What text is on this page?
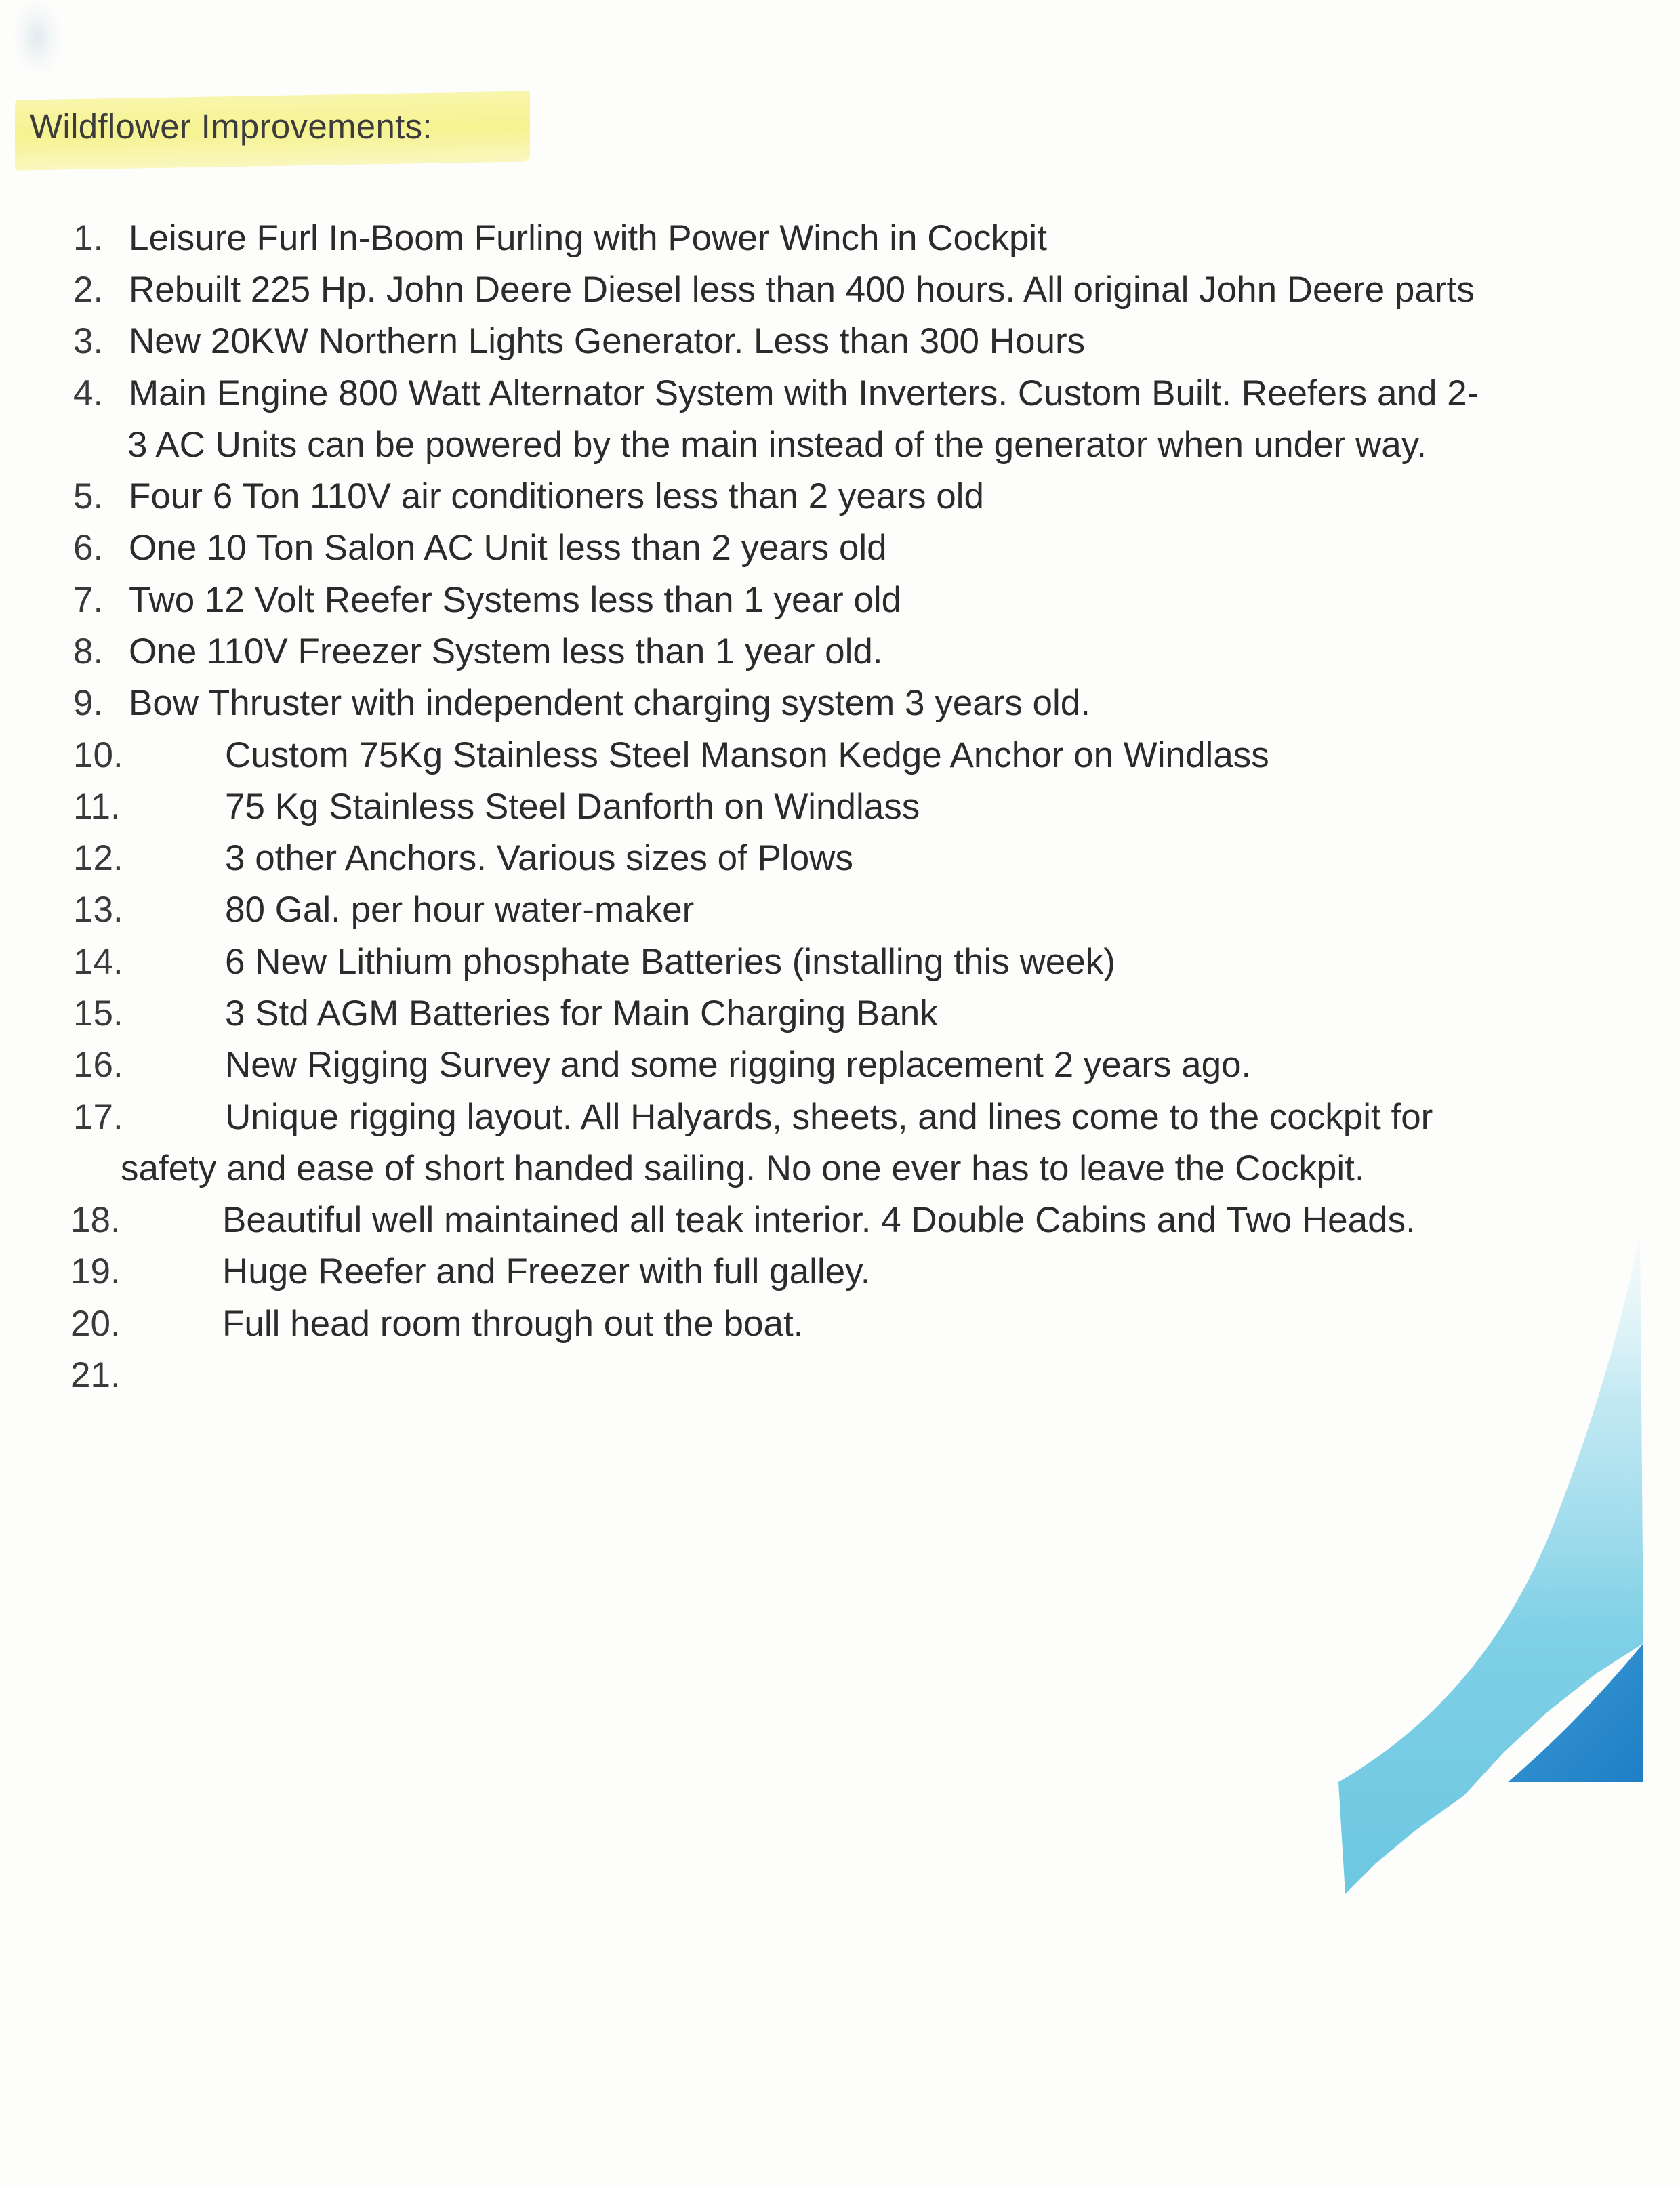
Wildflower Improvements:
1. Leisure Furl In-Boom Furling with Power Winch in Cockpit
2. Rebuilt 225 Hp. John Deere Diesel less than 400 hours. All original John Deere parts
3. New 20KW Northern Lights Generator. Less than 300 Hours
4. Main Engine 800 Watt Alternator System with Inverters. Custom Built. Reefers and 2-
3 AC Units can be powered by the main instead of the generator when under way.
5. Four 6 Ton 110V air conditioners less than 2 years old
6. One 10 Ton Salon AC Unit less than 2 years old
7. Two 12 Volt Reefer Systems less than 1 year old
8. One 110V Freezer System less than 1 year old.
9. Bow Thruster with independent charging system 3 years old.
10.	Custom 75Kg Stainless Steel Manson Kedge Anchor on Windlass
11.	75 Kg Stainless Steel Danforth on Windlass
12.	3 other Anchors. Various sizes of Plows
13.	80 Gal. per hour water-maker
14.	6 New Lithium phosphate Batteries (installing this week)
15.	3 Std AGM Batteries for Main Charging Bank
16.	New Rigging Survey and some rigging replacement 2 years ago.
17.	Unique rigging layout. All Halyards, sheets, and lines come to the cockpit for
safety and ease of short handed sailing. No one ever has to leave the Cockpit.
18.	Beautiful well maintained all teak interior. 4 Double Cabins and Two Heads.
19.	Huge Reefer and Freezer with full galley.
20.	Full head room through out the boat.
21.
